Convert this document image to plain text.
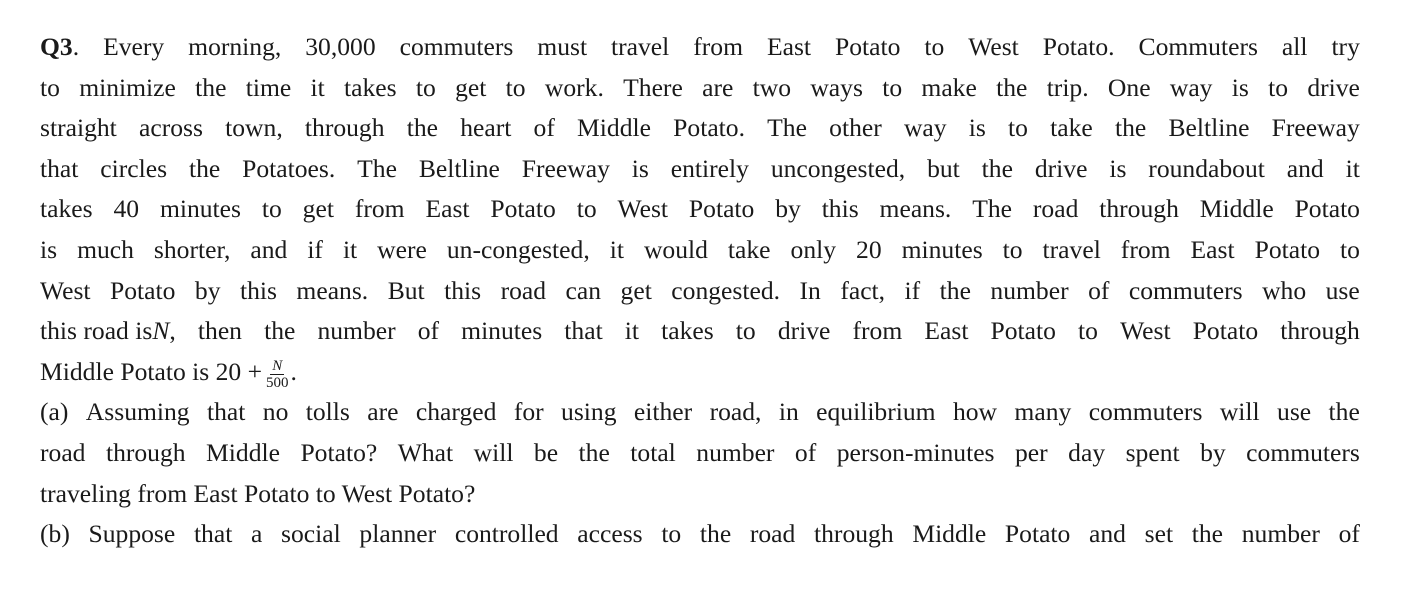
Q3. Every morning, 30,000 commuters must travel from East Potato to West Potato. Commuters all try
to minimize the time it takes to get to work. There are two ways to make the trip. One way is to drive
straight across town, through the heart of Middle Potato. The other way is to take the Beltline Freeway
that circles the Potatoes. The Beltline Freeway is entirely uncongested, but the drive is roundabout and it
takes 40 minutes to get from East Potato to West Potato by this means. The road through Middle Potato
is much shorter, and if it were un-congested, it would take only 20 minutes to travel from East Potato to
West Potato by this means. But this road can get congested. In fact, if the number of commuters who use
this road is N , then the number of minutes that it takes to drive from East Potato to West Potato through
Middle Potato is $20 + \frac{N}{500}$ .
(a) Assuming that no tolls are charged for using either road, in equilibrium how many commuters will use the
road through Middle Potato? What will be the total number of person-minutes per day spent by commuters
traveling from East Potato to West Potato?
(b) Suppose that a social planner controlled access to the road through Middle Potato and set the number of
